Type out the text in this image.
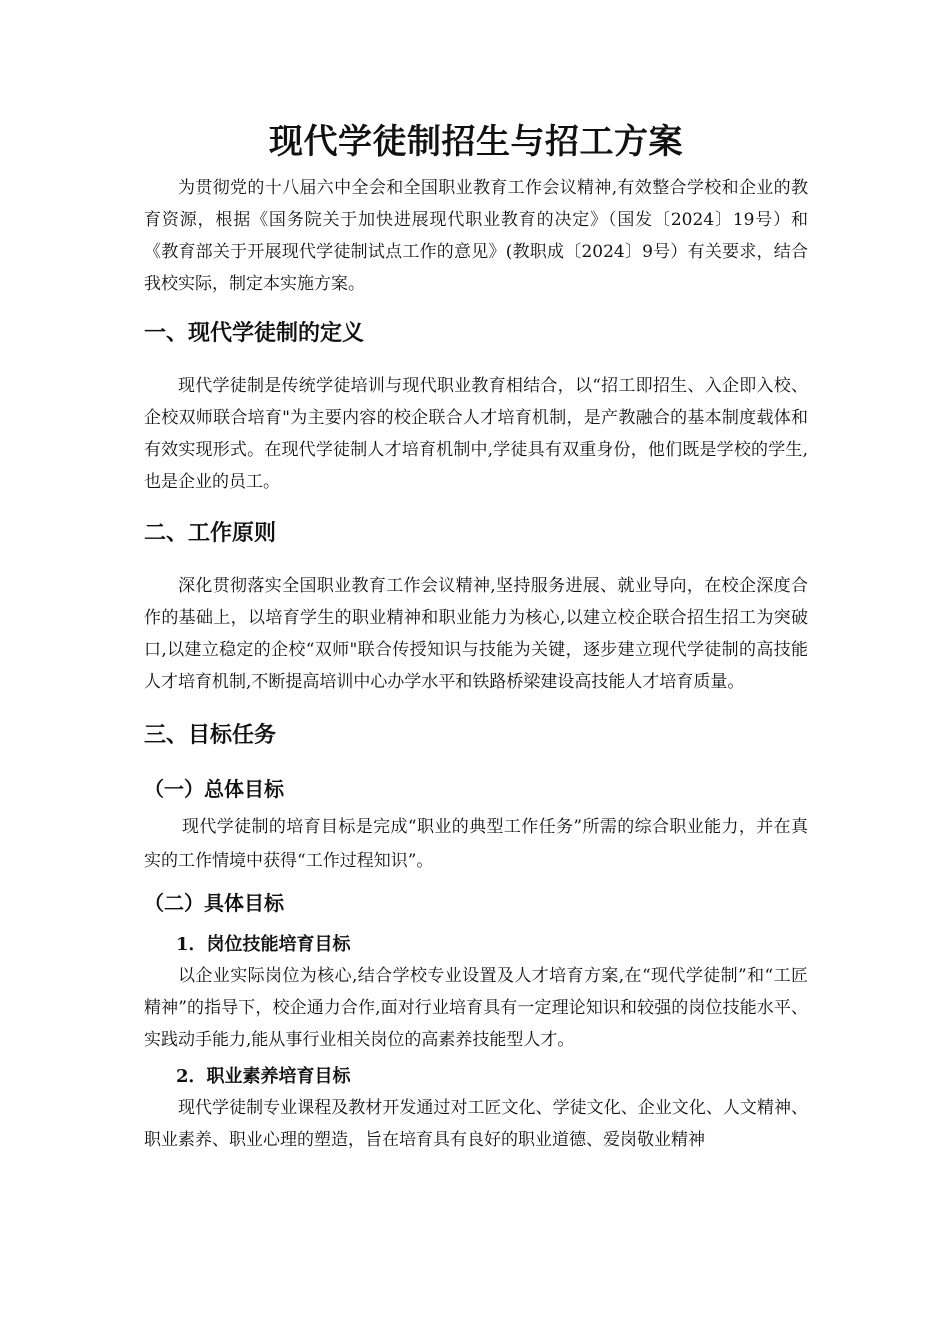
现代学徒制招生与招工方案

为贯彻党的十八届六中全会和全国职业教育工作会议精神,有效整合学校和企业的教育资源，根据《国务院关于加快进展现代职业教育的决定》（国发〔2024〕19号）和《教育部关于开展现代学徒制试点工作的意见》(教职成〔2024〕9号）有关要求，结合我校实际，制定本实施方案。

一、现代学徒制的定义

现代学徒制是传统学徒培训与现代职业教育相结合，以“招工即招生、入企即入校、企校双师联合培育"为主要内容的校企联合人才培育机制，是产教融合的基本制度载体和有效实现形式。在现代学徒制人才培育机制中,学徒具有双重身份，他们既是学校的学生,也是企业的员工。

二、工作原则

深化贯彻落实全国职业教育工作会议精神,坚持服务进展、就业导向，在校企深度合作的基础上，以培育学生的职业精神和职业能力为核心,以建立校企联合招生招工为突破口,以建立稳定的企校“双师"联合传授知识与技能为关键，逐步建立现代学徒制的高技能人才培育机制,不断提高培训中心办学水平和铁路桥梁建设高技能人才培育质量。

三、目标任务
（一）总体目标

现代学徒制的培育目标是完成“职业的典型工作任务”所需的综合职业能力，并在真实的工作情境中获得“工作过程知识”。

（二）具体目标
1．岗位技能培育目标

以企业实际岗位为核心,结合学校专业设置及人才培育方案,在“现代学徒制”和“工匠精神”的指导下，校企通力合作,面对行业培育具有一定理论知识和较强的岗位技能水平、实践动手能力,能从事行业相关岗位的高素养技能型人才。

2．职业素养培育目标

现代学徒制专业课程及教材开发通过对工匠文化、学徒文化、企业文化、人文精神、职业素养、职业心理的塑造，旨在培育具有良好的职业道德、爱岗敬业精神
